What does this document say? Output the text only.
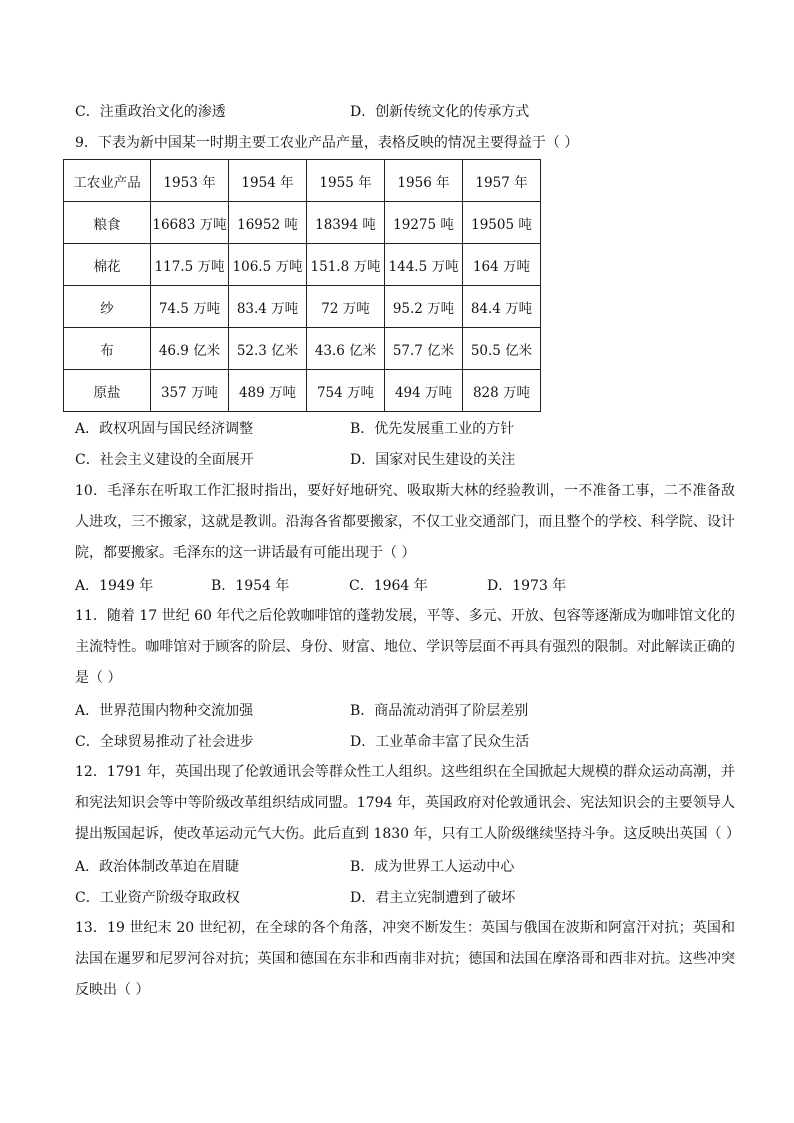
C．注重政治文化的渗透	D．创新传统文化的传承方式
9．下表为新中国某一时期主要工农业产品产量，表格反映的情况主要得益于（ ）
工农业产品	1953 年	1954 年	1955 年	1956 年	1957 年
粮食	16683 万吨	16952 吨	18394 吨	19275 吨	19505 吨
棉花	117.5 万吨	106.5 万吨	151.8 万吨	144.5 万吨	164 万吨
纱	74.5 万吨	83.4 万吨	72 万吨	95.2 万吨	84.4 万吨
布	46.9 亿米	52.3 亿米	43.6 亿米	57.7 亿米	50.5 亿米
原盐	357 万吨	489 万吨	754 万吨	494 万吨	828 万吨
A．政权巩固与国民经济调整	B．优先发展重工业的方针
C．社会主义建设的全面展开	D．国家对民生建设的关注
10．毛泽东在听取工作汇报时指出，要好好地研究、吸取斯大林的经验教训，一不准备工事，二不准备敌人进攻，三不搬家，这就是教训。沿海各省都要搬家，不仅工业交通部门，而且整个的学校、科学院、设计院，都要搬家。毛泽东的这一讲话最有可能出现于（ ）
A．1949 年	B．1954 年	C．1964 年	D．1973 年
11．随着 17 世纪 60 年代之后伦敦咖啡馆的蓬勃发展，平等、多元、开放、包容等逐渐成为咖啡馆文化的主流特性。咖啡馆对于顾客的阶层、身份、财富、地位、学识等层面不再具有强烈的限制。对此解读正确的是（ ）
A．世界范围内物种交流加强	B．商品流动消弭了阶层差别
C．全球贸易推动了社会进步	D．工业革命丰富了民众生活
12．1791 年，英国出现了伦敦通讯会等群众性工人组织。这些组织在全国掀起大规模的群众运动高潮，并和宪法知识会等中等阶级改革组织结成同盟。1794 年，英国政府对伦敦通讯会、宪法知识会的主要领导人提出叛国起诉，使改革运动元气大伤。此后直到 1830 年，只有工人阶级继续坚持斗争。这反映出英国（ ）
A．政治体制改革迫在眉睫	B．成为世界工人运动中心
C．工业资产阶级夺取政权	D．君主立宪制遭到了破坏
13．19 世纪末 20 世纪初，在全球的各个角落，冲突不断发生：英国与俄国在波斯和阿富汗对抗；英国和法国在暹罗和尼罗河谷对抗；英国和德国在东非和西南非对抗；德国和法国在摩洛哥和西非对抗。这些冲突反映出（ ）
